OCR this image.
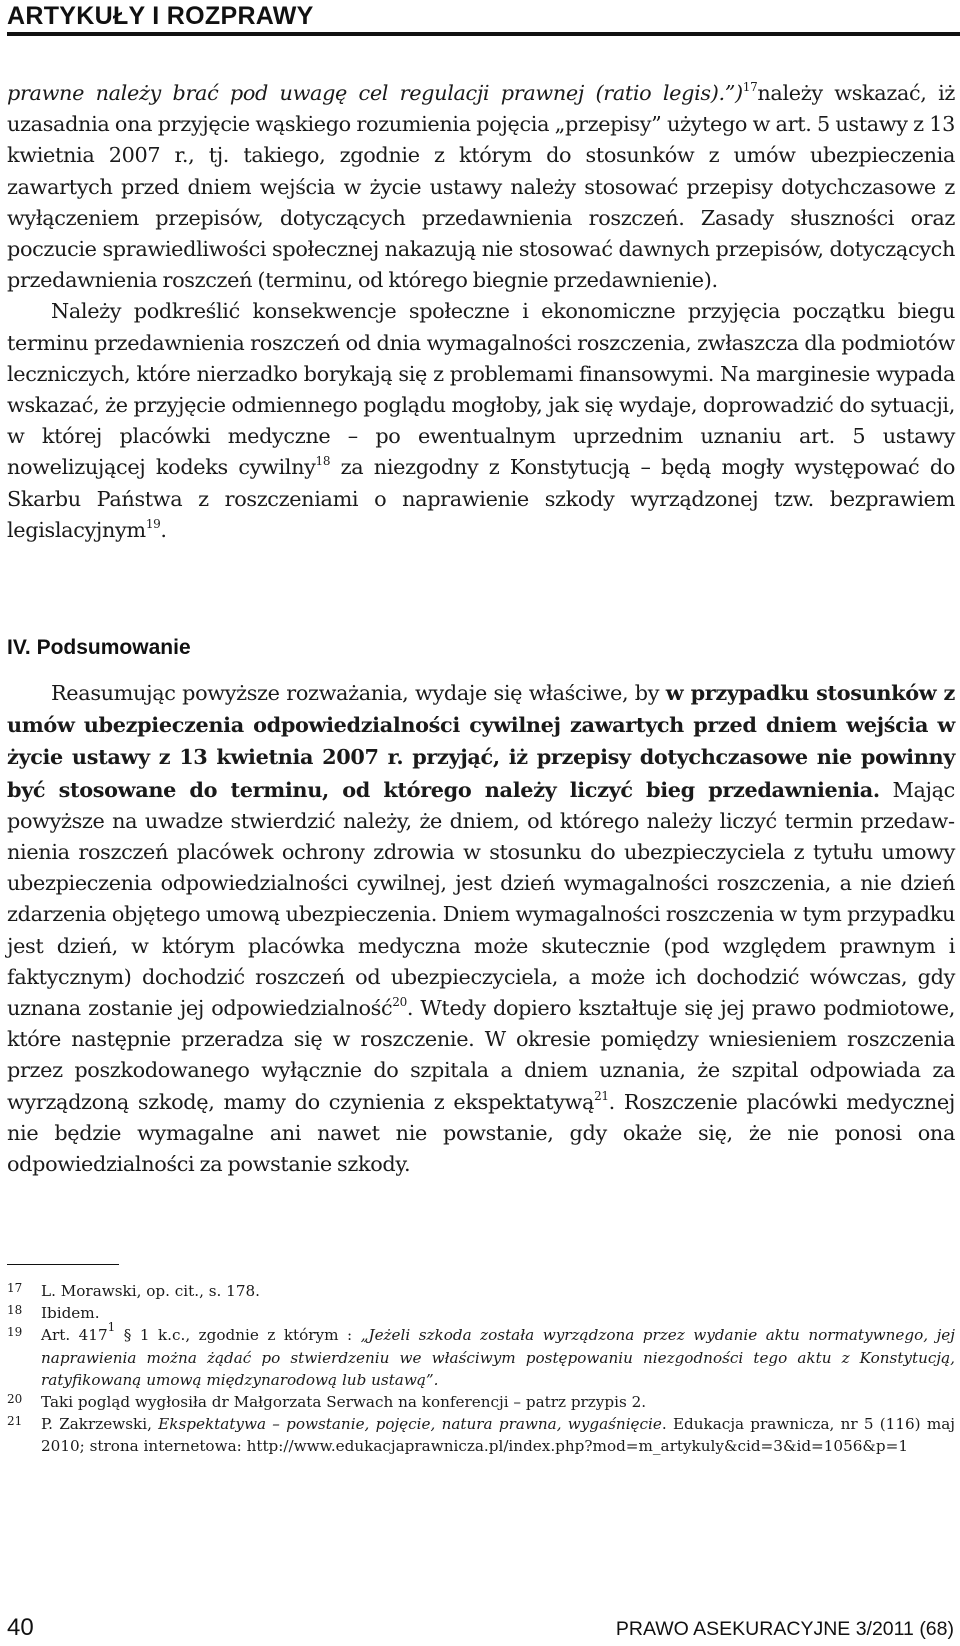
ARTYKUŁY I ROZPRAWY

prawne należy brać pod uwagę cel regulacji prawnej (ratio legis).”)$^{17}$należy wskazać, iż uzasadnia ona przyjęcie wąskiego rozumienia pojęcia „przepisy” użytego w art. 5 ustawy z 13 kwietnia 2007 r., tj. takiego, zgodnie z którym do stosunków z umów ubezpieczenia zawartych przed dniem wejścia w życie ustawy należy stosować przepisy dotychczasowe z wyłączeniem przepisów, dotyczących przedawnienia roszczeń. Zasady słuszności oraz poczucie sprawiedliwości społecznej nakazują nie stosować dawnych przepisów, dotyczących przedawnienia roszczeń (terminu, od którego biegnie przedawnienie).

Należy podkreślić konsekwencje społeczne i ekonomiczne przyjęcia początku biegu terminu przedawnienia roszczeń od dnia wymagalności roszczenia, zwłaszcza dla podmiotów leczniczych, które nierzadko borykają się z problemami finansowymi. Na marginesie wypada wskazać, że przyjęcie odmiennego poglądu mogłoby, jak się wydaje, doprowadzić do sytuacji, w której placówki medyczne – po ewentualnym uprzednim uznaniu art. 5 ustawy nowelizującej kodeks cywilny$^{18}$ za niezgodny z Konstytucją – będą mogły występować do Skarbu Państwa z roszczeniami o naprawienie szkody wyrządzonej tzw. bezprawiem legislacyjnym$^{19}$.

IV. Podsumowanie

Reasumując powyższe rozważania, wydaje się właściwe, by w przypadku stosunków z umów ubezpieczenia odpowiedzialności cywilnej zawartych przed dniem wejścia w życie ustawy z 13 kwietnia 2007 r. przyjąć, iż przepisy dotychczasowe nie powinny być stosowane do terminu, od którego należy liczyć bieg przedawnienia. Mając powyższe na uwadze stwierdzić należy, że dniem, od którego należy liczyć termin przedawnienia roszczeń placówek ochrony zdrowia w stosunku do ubezpieczyciela z tytułu umowy ubezpieczenia odpowiedzialności cywilnej, jest dzień wymagalności roszczenia, a nie dzień zdarzenia objętego umową ubezpieczenia. Dniem wymagalności roszczenia w tym przypadku jest dzień, w którym placówka medyczna może skutecznie (pod względem prawnym i faktycznym) dochodzić roszczeń od ubezpieczyciela, a może ich dochodzić wówczas, gdy uznana zostanie jej odpowiedzialność$^{20}$. Wtedy dopiero kształtuje się jej prawo podmiotowe, które następnie przeradza się w roszczenie. W okresie pomiędzy wniesieniem roszczenia przez poszkodowanego wyłącznie do szpitala a dniem uznania, że szpital odpowiada za wyrządzoną szkodę, mamy do czynienia z ekspektatywą$^{21}$. Roszczenie placówki medycznej nie będzie wymagalne ani nawet nie powstanie, gdy okaże się, że nie ponosi ona odpowiedzialności za powstanie szkody.

17	L. Morawski, op. cit., s. 178.
18	Ibidem.
19	Art. $417^1$ § 1 k.c., zgodnie z którym : „Jeżeli szkoda została wyrządzona przez wydanie aktu normatywnego, jej naprawienia można żądać po stwierdzeniu we właściwym postępowaniu niezgodności tego aktu z Konstytucją, ratyfikowaną umową międzynarodową lub ustawą”.
20	Taki pogląd wygłosiła dr Małgorzata Serwach na konferencji – patrz przypis 2.
21	P. Zakrzewski, Ekspektatywa – powstanie, pojęcie, natura prawna, wygaśnięcie. Edukacja prawnicza, nr 5 (116) maj 2010; strona internetowa: http://www.edukacjaprawnicza.pl/index.php?mod=m_artykuly&cid=3&id=1056&p=1
40	PRAWO ASEKURACYJNE 3/2011 (68)
